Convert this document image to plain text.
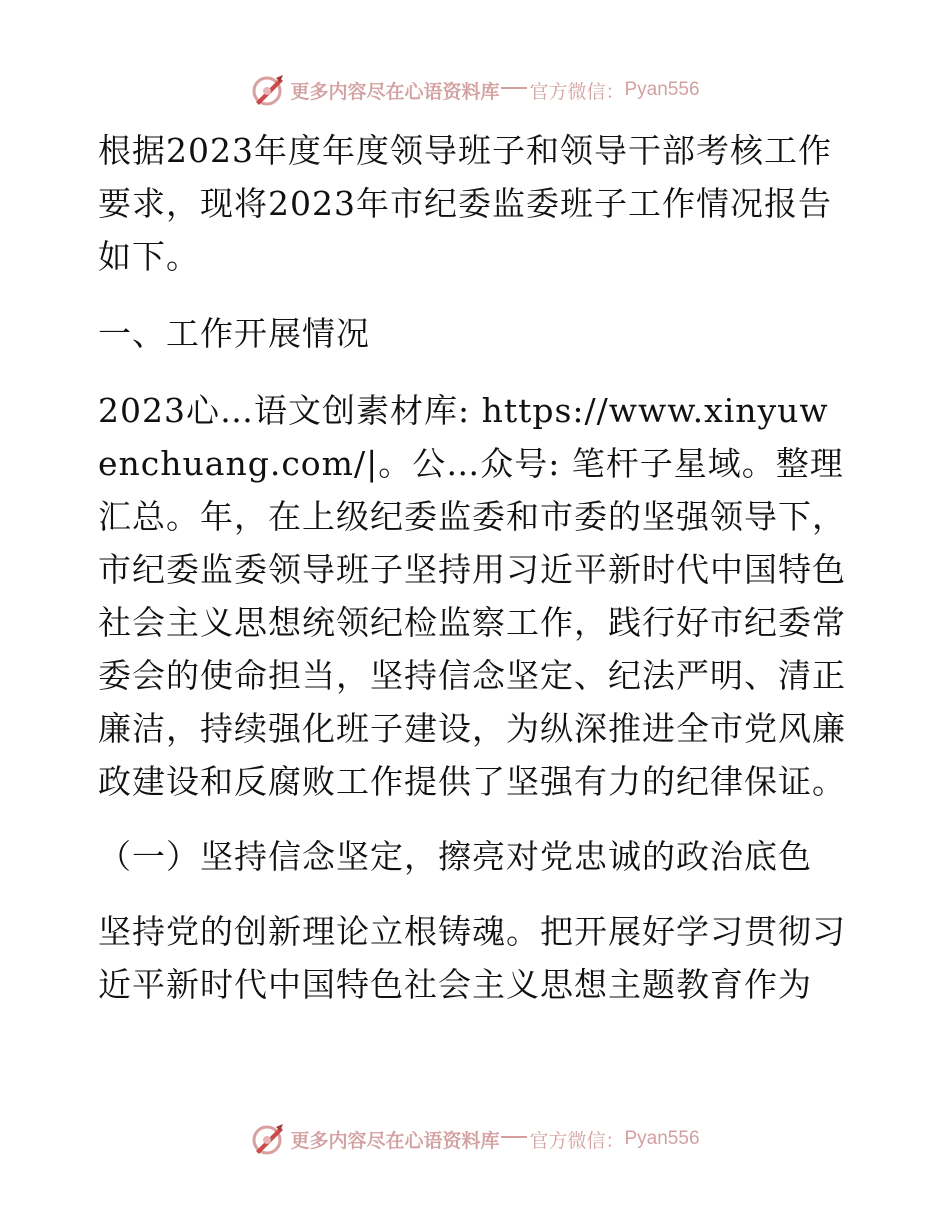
更多内容尽在心语资料库 官方微信： Pyan556

根据2023年度年度领导班子和领导干部考核工作要求，现将2023年市纪委监委班子工作情况报告如下。

一、工作开展情况

2023心…语文创素材库: https://www.xinyuwenchuang.com/|。公…众号: 笔杆子星域。整理汇总。年，在上级纪委监委和市委的坚强领导下，市纪委监委领导班子坚持用习近平新时代中国特色社会主义思想统领纪检监察工作，践行好市纪委常委会的使命担当，坚持信念坚定、纪法严明、清正廉洁，持续强化班子建设，为纵深推进全市党风廉政建设和反腐败工作提供了坚强有力的纪律保证。

（一）坚持信念坚定，擦亮对党忠诚的政治底色

坚持党的创新理论立根铸魂。把开展好学习贯彻习近平新时代中国特色社会主义思想主题教育作为

更多内容尽在心语资料库 官方微信： Pyan556
